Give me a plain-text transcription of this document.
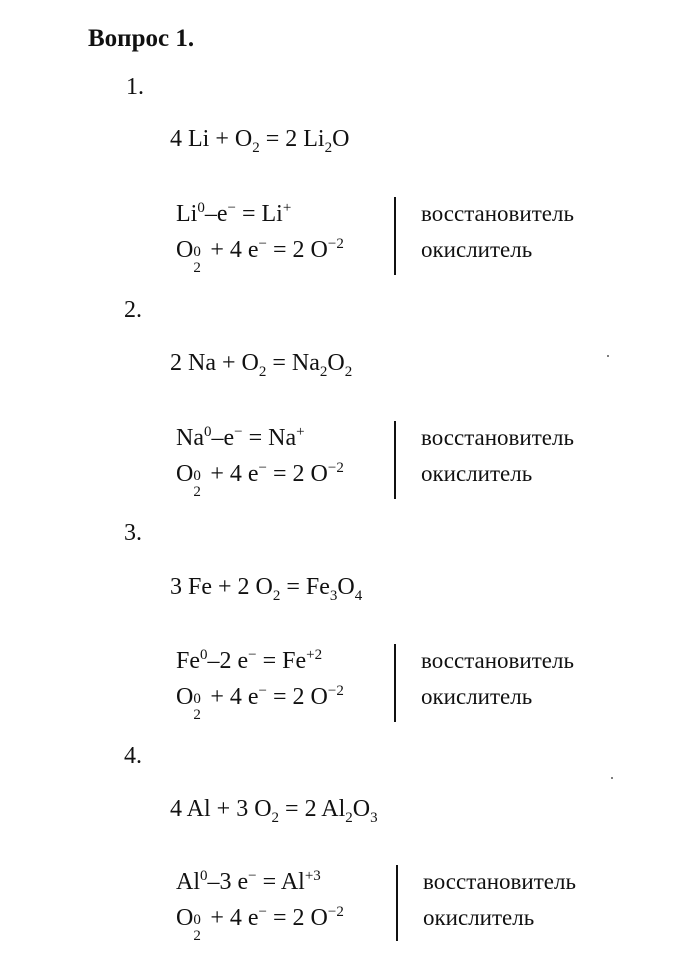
Вопрос 1.
1.
4 $Li + O_2 = 2$ $Li_2O$
$Li^0-e^- = Li^+$
O 0
2
+ 4 e− = 2 $O^{-2}$
восстановитель
окислитель
2.
2 $Na + O_2 = Na_2O_2$
$Na^0-e^- = Na^+$
O 0
2
+ 4 e− = 2 $O^{-2}$
восстановитель
окислитель
3.
3 Fe + 2 $O_2 = Fe_3O_4$
Fe$^0$–2 $e^- = Fe^{+2}$
O 0
2
+ 4 e− = 2 $O^{-2}$
восстановитель
окислитель
4.
4 Al + 3 $O_2 = 2$ $Al_2O_3$
Al$^0$–3 $e^- = Al^{+3}$
O 0
2
+ 4 e− = 2 $O^{-2}$
восстановитель
окислитель
